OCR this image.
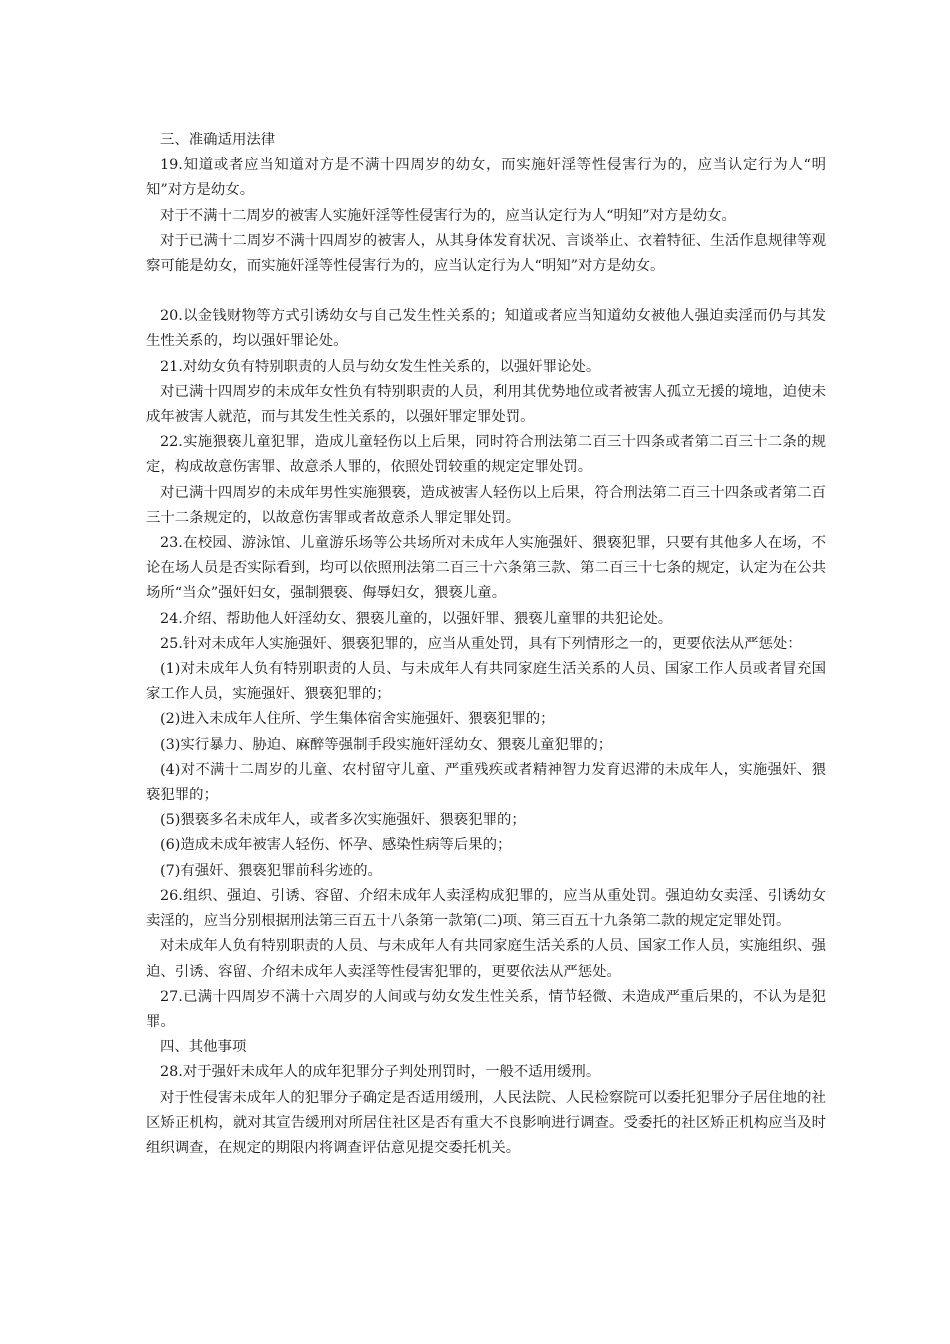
三、准确适用法律

19.知道或者应当知道对方是不满十四周岁的幼女，而实施奸淫等性侵害行为的，应当认定行为人“明知”对方是幼女。

对于不满十二周岁的被害人实施奸淫等性侵害行为的，应当认定行为人“明知”对方是幼女。

对于已满十二周岁不满十四周岁的被害人，从其身体发育状况、言谈举止、衣着特征、生活作息规律等观察可能是幼女，而实施奸淫等性侵害行为的，应当认定行为人“明知”对方是幼女。

20.以金钱财物等方式引诱幼女与自己发生性关系的；知道或者应当知道幼女被他人强迫卖淫而仍与其发生性关系的，均以强奸罪论处。

21.对幼女负有特别职责的人员与幼女发生性关系的，以强奸罪论处。

对已满十四周岁的未成年女性负有特别职责的人员，利用其优势地位或者被害人孤立无援的境地，迫使未成年被害人就范，而与其发生性关系的，以强奸罪定罪处罚。

22.实施猥亵儿童犯罪，造成儿童轻伤以上后果，同时符合刑法第二百三十四条或者第二百三十二条的规定，构成故意伤害罪、故意杀人罪的，依照处罚较重的规定定罪处罚。

对已满十四周岁的未成年男性实施猥亵，造成被害人轻伤以上后果，符合刑法第二百三十四条或者第二百三十二条规定的，以故意伤害罪或者故意杀人罪定罪处罚。

23.在校园、游泳馆、儿童游乐场等公共场所对未成年人实施强奸、猥亵犯罪，只要有其他多人在场，不论在场人员是否实际看到，均可以依照刑法第二百三十六条第三款、第二百三十七条的规定，认定为在公共场所“当众”强奸妇女，强制猥亵、侮辱妇女，猥亵儿童。

24.介绍、帮助他人奸淫幼女、猥亵儿童的，以强奸罪、猥亵儿童罪的共犯论处。

25.针对未成年人实施强奸、猥亵犯罪的，应当从重处罚，具有下列情形之一的，更要依法从严惩处：

(1)对未成年人负有特别职责的人员、与未成年人有共同家庭生活关系的人员、国家工作人员或者冒充国家工作人员，实施强奸、猥亵犯罪的；

(2)进入未成年人住所、学生集体宿舍实施强奸、猥亵犯罪的；

(3)实行暴力、胁迫、麻醉等强制手段实施奸淫幼女、猥亵儿童犯罪的；

(4)对不满十二周岁的儿童、农村留守儿童、严重残疾或者精神智力发育迟滞的未成年人，实施强奸、猥亵犯罪的；

(5)猥亵多名未成年人，或者多次实施强奸、猥亵犯罪的；

(6)造成未成年被害人轻伤、怀孕、感染性病等后果的；

(7)有强奸、猥亵犯罪前科劣迹的。

26.组织、强迫、引诱、容留、介绍未成年人卖淫构成犯罪的，应当从重处罚。强迫幼女卖淫、引诱幼女卖淫的，应当分别根据刑法第三百五十八条第一款第(二)项、第三百五十九条第二款的规定定罪处罚。

对未成年人负有特别职责的人员、与未成年人有共同家庭生活关系的人员、国家工作人员，实施组织、强迫、引诱、容留、介绍未成年人卖淫等性侵害犯罪的，更要依法从严惩处。

27.已满十四周岁不满十六周岁的人间或与幼女发生性关系，情节轻微、未造成严重后果的，不认为是犯罪。

四、其他事项

28.对于强奸未成年人的成年犯罪分子判处刑罚时，一般不适用缓刑。

对于性侵害未成年人的犯罪分子确定是否适用缓刑，人民法院、人民检察院可以委托犯罪分子居住地的社区矫正机构，就对其宣告缓刑对所居住社区是否有重大不良影响进行调查。受委托的社区矫正机构应当及时组织调查，在规定的期限内将调查评估意见提交委托机关。
